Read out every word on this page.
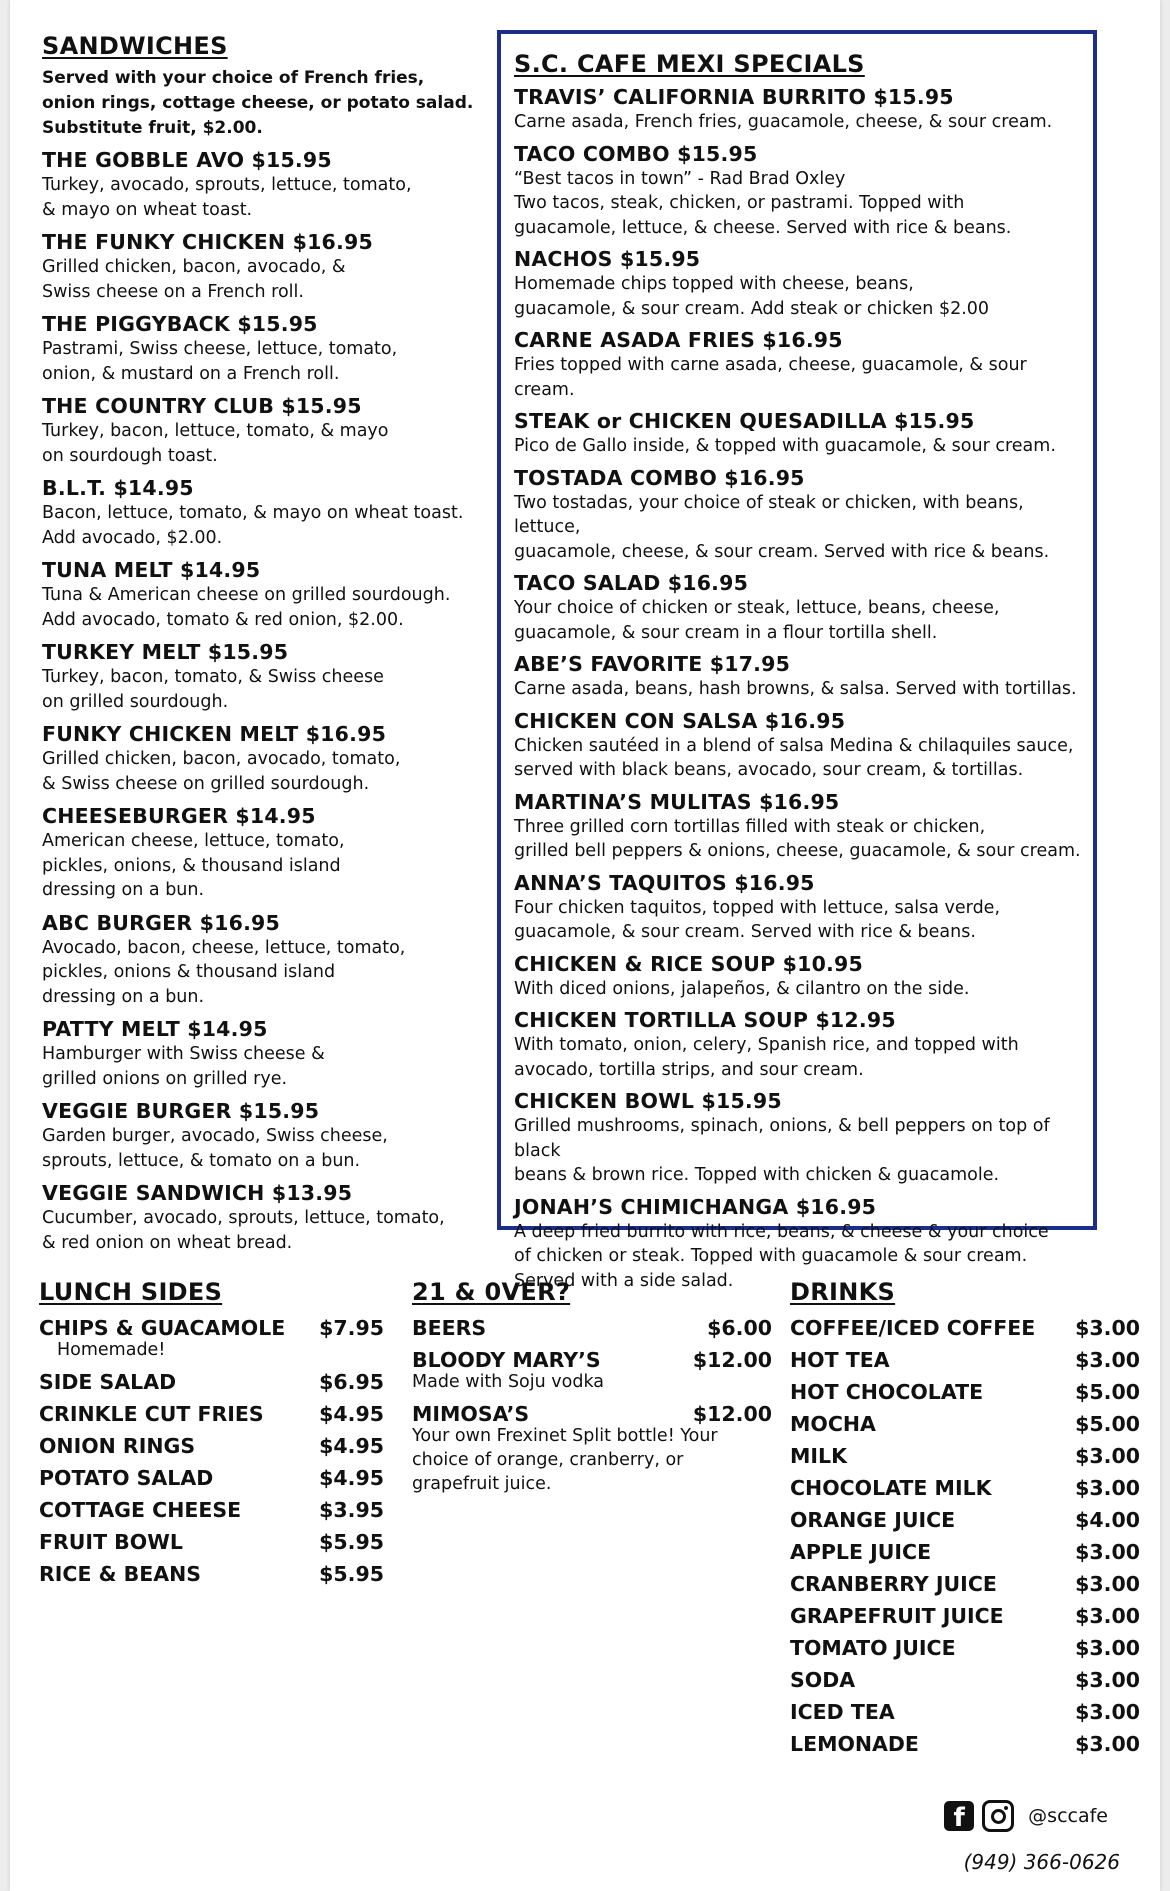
SANDWICHES
Served with your choice of French fries, onion rings, cottage cheese, or potato salad. Substitute fruit, $2.00.
THE GOBBLE AVO $15.95
Turkey, avocado, sprouts, lettuce, tomato,
& mayo on wheat toast.
THE FUNKY CHICKEN $16.95
Grilled chicken, bacon, avocado, &
Swiss cheese on a French roll.
THE PIGGYBACK $15.95
Pastrami, Swiss cheese, lettuce, tomato,
onion, & mustard on a French roll.
THE COUNTRY CLUB $15.95
Turkey, bacon, lettuce, tomato, & mayo
on sourdough toast.
B.L.T. $14.95
Bacon, lettuce, tomato, & mayo on wheat toast.
Add avocado, $2.00.
TUNA MELT $14.95
Tuna & American cheese on grilled sourdough.
Add avocado, tomato & red onion, $2.00.
TURKEY MELT $15.95
Turkey, bacon, tomato, & Swiss cheese
on grilled sourdough.
FUNKY CHICKEN MELT $16.95
Grilled chicken, bacon, avocado, tomato,
& Swiss cheese on grilled sourdough.
CHEESEBURGER $14.95
American cheese, lettuce, tomato,
pickles, onions, & thousand island
dressing on a bun.
ABC BURGER $16.95
Avocado, bacon, cheese, lettuce, tomato,
pickles, onions & thousand island
dressing on a bun.
PATTY MELT $14.95
Hamburger with Swiss cheese &
grilled onions on grilled rye.
VEGGIE BURGER $15.95
Garden burger, avocado, Swiss cheese,
sprouts, lettuce, & tomato on a bun.
VEGGIE SANDWICH $13.95
Cucumber, avocado, sprouts, lettuce, tomato,
& red onion on wheat bread.
S.C. CAFE MEXI SPECIALS
TRAVIS’ CALIFORNIA BURRITO $15.95
Carne asada, French fries, guacamole, cheese, & sour cream.
TACO COMBO $15.95
“Best tacos in town” - Rad Brad Oxley
Two tacos, steak, chicken, or pastrami. Topped with
guacamole, lettuce, & cheese. Served with rice & beans.
NACHOS $15.95
Homemade chips topped with cheese, beans,
guacamole, & sour cream. Add steak or chicken $2.00
CARNE ASADA FRIES $16.95
Fries topped with carne asada, cheese, guacamole, & sour cream.
STEAK or CHICKEN QUESADILLA $15.95
Pico de Gallo inside, & topped with guacamole, & sour cream.
TOSTADA COMBO $16.95
Two tostadas, your choice of steak or chicken, with beans, lettuce,
guacamole, cheese, & sour cream. Served with rice & beans.
TACO SALAD $16.95
Your choice of chicken or steak, lettuce, beans, cheese,
guacamole, & sour cream in a flour tortilla shell.
ABE’S FAVORITE $17.95
Carne asada, beans, hash browns, & salsa. Served with tortillas.
CHICKEN CON SALSA $16.95
Chicken sautéed in a blend of salsa Medina & chilaquiles sauce,
served with black beans, avocado, sour cream, & tortillas.
MARTINA’S MULITAS $16.95
Three grilled corn tortillas filled with steak or chicken,
grilled bell peppers & onions, cheese, guacamole, & sour cream.
ANNA’S TAQUITOS $16.95
Four chicken taquitos, topped with lettuce, salsa verde,
guacamole, & sour cream. Served with rice & beans.
CHICKEN & RICE SOUP $10.95
With diced onions, jalapeños, & cilantro on the side.
CHICKEN TORTILLA SOUP $12.95
With tomato, onion, celery, Spanish rice, and topped with
avocado, tortilla strips, and sour cream.
CHICKEN BOWL $15.95
Grilled mushrooms, spinach, onions, & bell peppers on top of black
beans & brown rice. Topped with chicken & guacamole.
JONAH’S CHIMICHANGA $16.95
A deep fried burrito with rice, beans, & cheese & your choice
of chicken or steak. Topped with guacamole & sour cream.
Served with a side salad.
LUNCH SIDES
CHIPS & GUACAMOLE $7.95
Homemade!
SIDE SALAD	$6.95
CRINKLE CUT FRIES	$4.95
ONION RINGS	$4.95
POTATO SALAD	$4.95
COTTAGE CHEESE	$3.95
FRUIT BOWL	$5.95
RICE & BEANS	$5.95
21 & 0VER?
BEERS	$6.00
BLOODY MARY’S	$12.00
Made with Soju vodka
MIMOSA’S	$12.00
Your own Frexinet Split bottle! Your
choice of orange, cranberry, or
grapefruit juice.
DRINKS
COFFEE/ICED COFFEE $3.00
HOT TEA	$3.00
HOT CHOCOLATE	$5.00
MOCHA	$5.00
MILK	$3.00
CHOCOLATE MILK	$3.00
ORANGE JUICE	$4.00
APPLE JUICE	$3.00
CRANBERRY JUICE	$3.00
GRAPEFRUIT JUICE	$3.00
TOMATO JUICE	$3.00
SODA	$3.00
ICED TEA	$3.00
LEMONADE	$3.00
f	@sccafe
(949) 366-0626
